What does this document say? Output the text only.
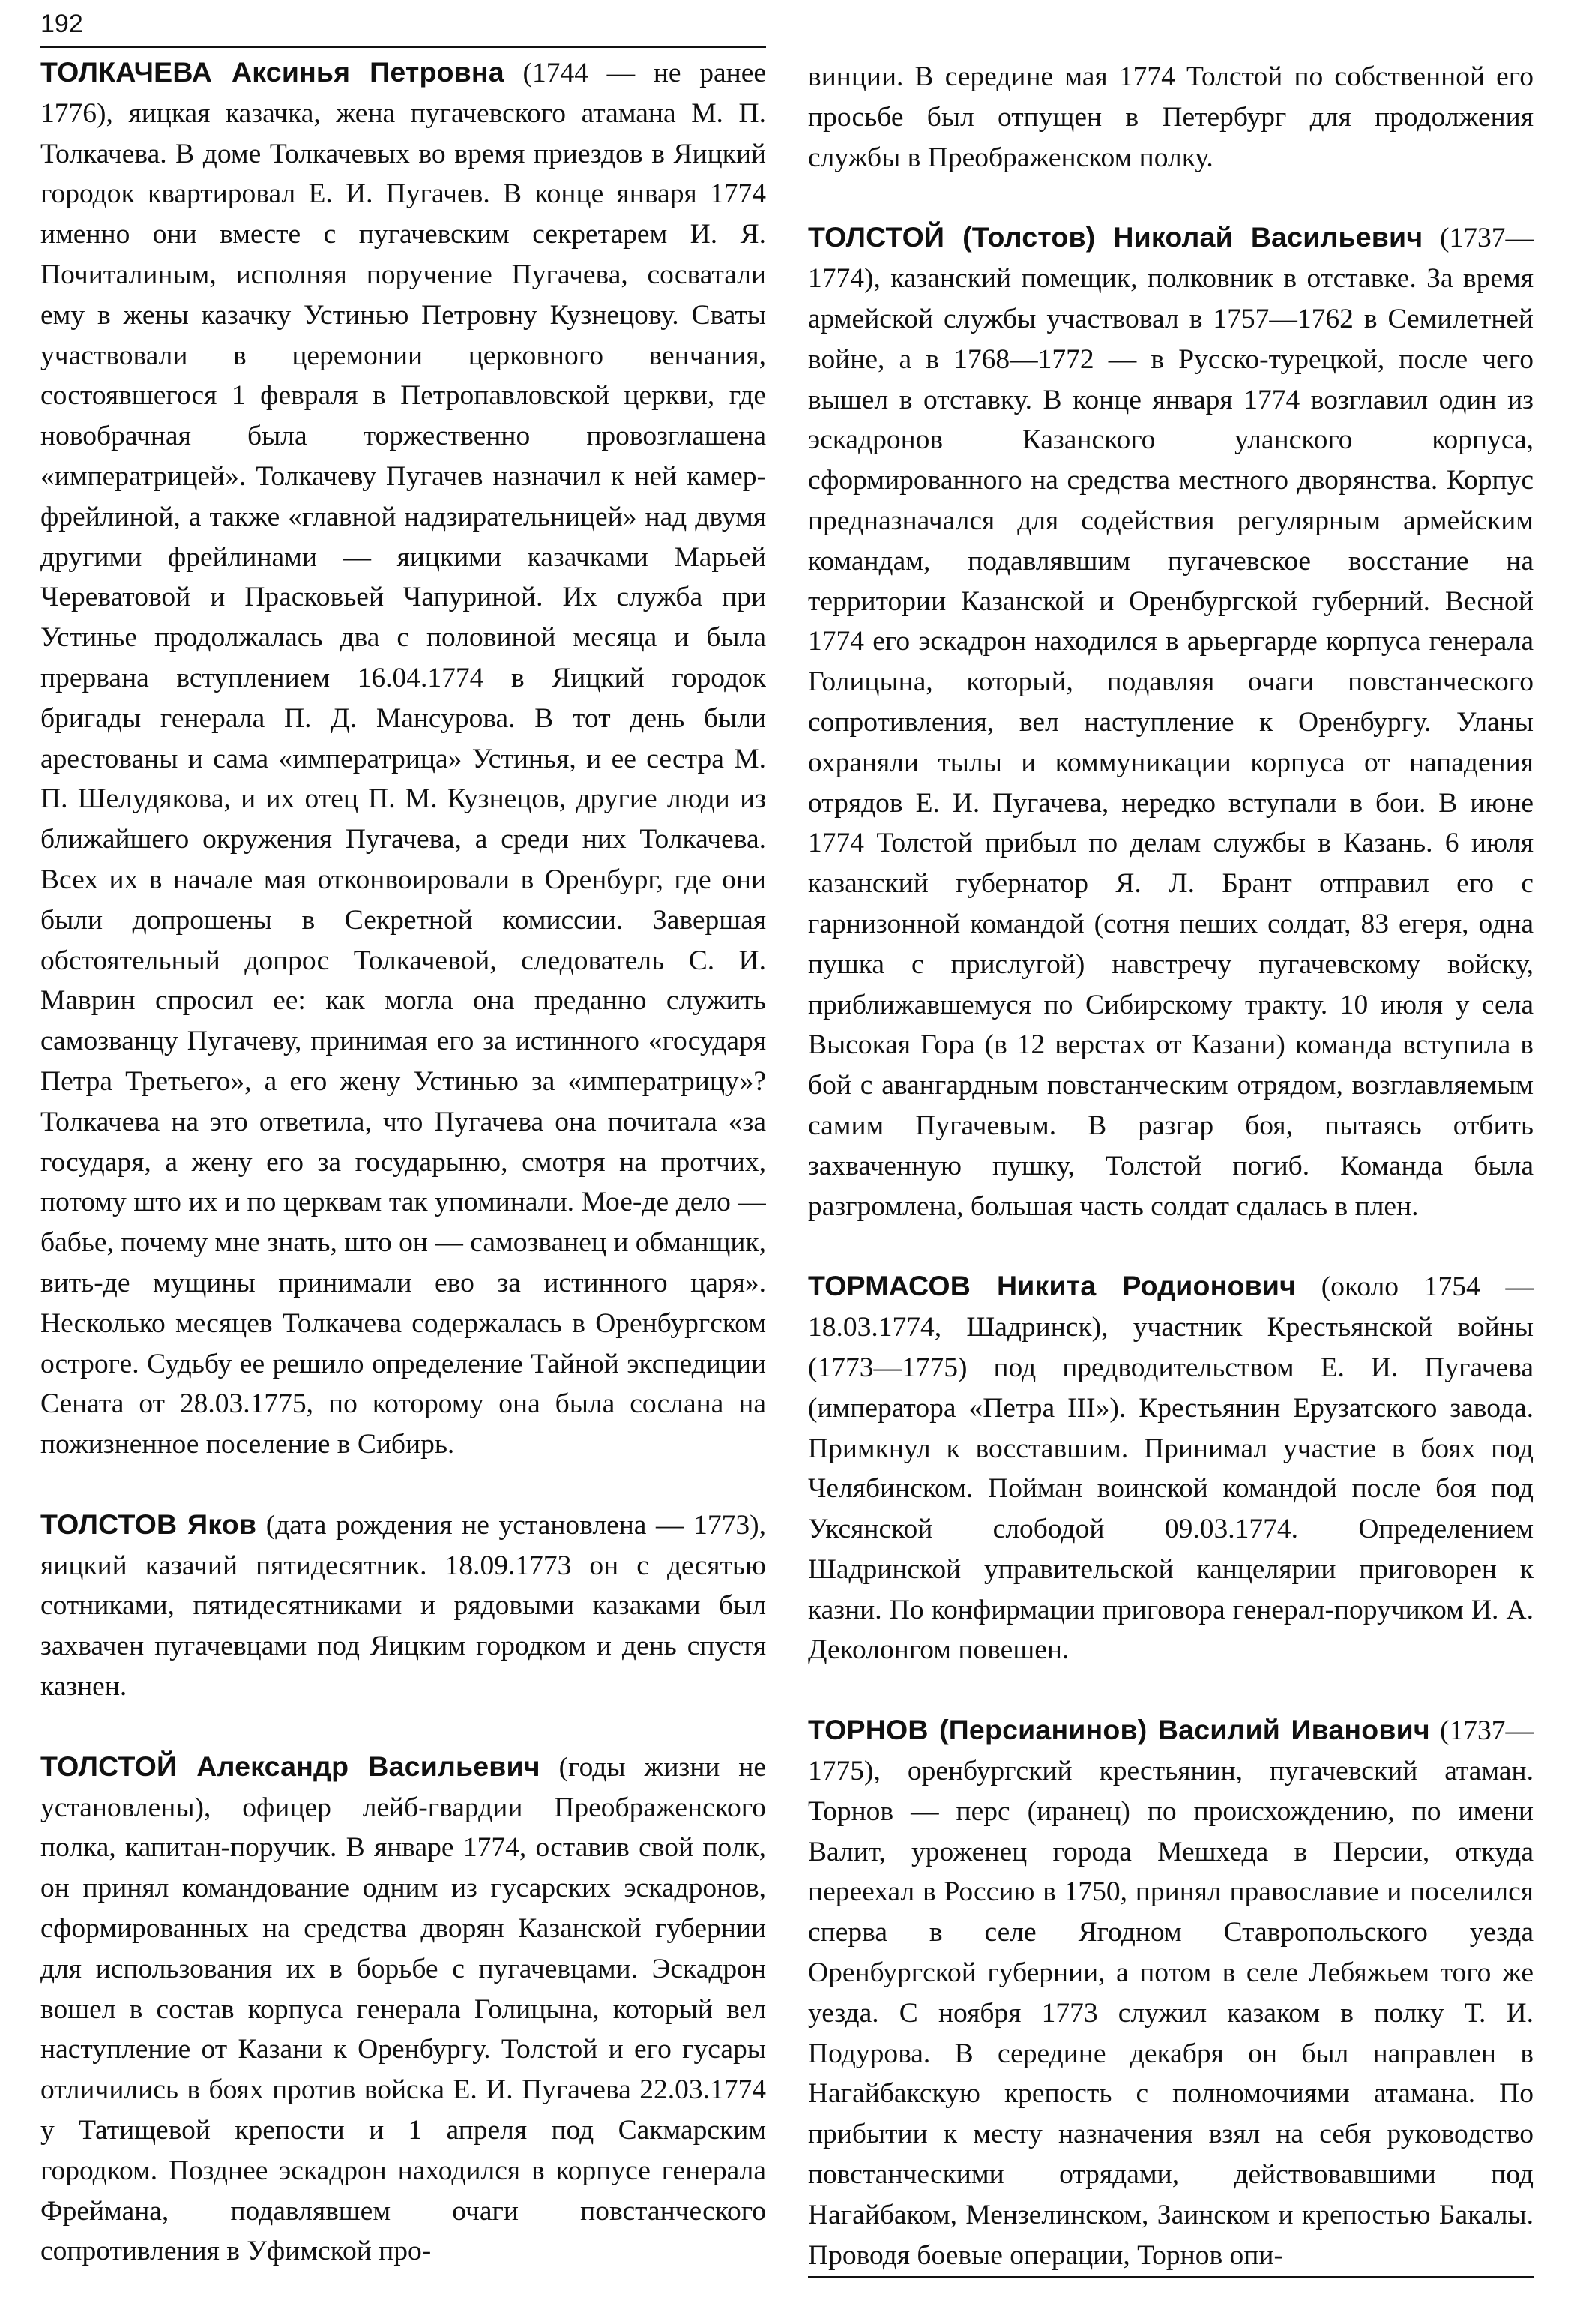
192

ТОЛКАЧЕВА Аксинья Петровна (1744 — не ранее 1776), яицкая казачка, жена пугачевского атамана М. П. Толкачева. В доме Толкачевых во время приездов в Яицкий городок квартировал Е. И. Пугачев. В конце января 1774 именно они вместе с пугачевским секретарем И. Я. Почиталиным, исполняя поручение Пугачева, сосватали ему в жены казачку Устинью Петровну Кузнецову. Сваты участвовали в церемонии церковного венчания, состоявшегося 1 февраля в Петропавловской церкви, где новобрачная была торжественно провозглашена «императрицей». Толкачеву Пугачев назначил к ней камер-фрейлиной, а также «главной надзирательницей» над двумя другими фрейлинами — яицкими казачками Марьей Череватовой и Прасковьей Чапуриной. Их служба при Устинье продолжалась два с половиной месяца и была прервана вступлением 16.04.1774 в Яицкий городок бригады генерала П. Д. Мансурова. В тот день были арестованы и сама «императрица» Устинья, и ее сестра М. П. Шелудякова, и их отец П. М. Кузнецов, другие люди из ближайшего окружения Пугачева, а среди них Толкачева. Всех их в начале мая отконвоировали в Оренбург, где они были допрошены в Секретной комиссии. Завершая обстоятельный допрос Толкачевой, следователь С. И. Маврин спросил ее: как могла она преданно служить самозванцу Пугачеву, принимая его за истинного «государя Петра Третьего», а его жену Устинью за «императрицу»? Толкачева на это ответила, что Пугачева она почитала «за государя, а жену его за государыню, смотря на протчих, потому што их и по церквам так упоминали. Мое-де дело — бабье, почему мне знать, што он — самозванец и обманщик, вить-де мущины принимали ево за истинного царя». Несколько месяцев Толкачева содержалась в Оренбургском остроге. Судьбу ее решило определение Тайной экспедиции Сената от 28.03.1775, по которому она была сослана на пожизненное поселение в Сибирь.

ТОЛСТОВ Яков (дата рождения не установлена — 1773), яицкий казачий пятидесятник. 18.09.1773 он с десятью сотниками, пятидесятниками и рядовыми казаками был захвачен пугачевцами под Яицким городком и день спустя казнен.

ТОЛСТОЙ Александр Васильевич (годы жизни не установлены), офицер лейб-гвардии Преображенского полка, капитан-поручик. В январе 1774, оставив свой полк, он принял командование одним из гусарских эскадронов, сформированных на средства дворян Казанской губернии для использования их в борьбе с пугачевцами. Эскадрон вошел в состав корпуса генерала Голицына, который вел наступление от Казани к Оренбургу. Толстой и его гусары отличились в боях против войска Е. И. Пугачева 22.03.1774 у Татищевой крепости и 1 апреля под Сакмарским городком. Позднее эскадрон находился в корпусе генерала Фреймана, подавлявшем очаги повстанческого сопротивления в Уфимской про-

винции. В середине мая 1774 Толстой по собственной его просьбе был отпущен в Петербург для продолжения службы в Преображенском полку.

ТОЛСТОЙ (Толстов) Николай Васильевич (1737—1774), казанский помещик, полковник в отставке. За время армейской службы участвовал в 1757—1762 в Семилетней войне, а в 1768—1772 — в Русско-турецкой, после чего вышел в отставку. В конце января 1774 возглавил один из эскадронов Казанского уланского корпуса, сформированного на средства местного дворянства. Корпус предназначался для содействия регулярным армейским командам, подавлявшим пугачевское восстание на территории Казанской и Оренбургской губерний. Весной 1774 его эскадрон находился в арьергарде корпуса генерала Голицына, который, подавляя очаги повстанческого сопротивления, вел наступление к Оренбургу. Уланы охраняли тылы и коммуникации корпуса от нападения отрядов Е. И. Пугачева, нередко вступали в бои. В июне 1774 Толстой прибыл по делам службы в Казань. 6 июля казанский губернатор Я. Л. Брант отправил его с гарнизонной командой (сотня пеших солдат, 83 егеря, одна пушка с прислугой) навстречу пугачевскому войску, приближавшемуся по Сибирскому тракту. 10 июля у села Высокая Гора (в 12 верстах от Казани) команда вступила в бой с авангардным повстанческим отрядом, возглавляемым самим Пугачевым. В разгар боя, пытаясь отбить захваченную пушку, Толстой погиб. Команда была разгромлена, большая часть солдат сдалась в плен.

ТОРМАСОВ Никита Родионович (около 1754 — 18.03.1774, Шадринск), участник Крестьянской войны (1773—1775) под предводительством Е. И. Пугачева (императора «Петра III»). Крестьянин Ерузатского завода. Примкнул к восставшим. Принимал участие в боях под Челябинском. Пойман воинской командой после боя под Уксянской слободой 09.03.1774. Определением Шадринской управительской канцелярии приговорен к казни. По конфирмации приговора генерал-поручиком И. А. Деколонгом повешен.

ТОРНОВ (Персианинов) Василий Иванович (1737—1775), оренбургский крестьянин, пугачевский атаман. Торнов — перс (иранец) по происхождению, по имени Валит, уроженец города Мешхеда в Персии, откуда переехал в Россию в 1750, принял православие и поселился сперва в селе Ягодном Ставропольского уезда Оренбургской губернии, а потом в селе Лебяжьем того же уезда. С ноября 1773 служил казаком в полку Т. И. Подурова. В середине декабря он был направлен в Нагайбакскую крепость с полномочиями атамана. По прибытии к месту назначения взял на себя руководство повстанческими отрядами, действовавшими под Нагайбаком, Мензелинском, Заинском и крепостью Бакалы. Проводя боевые операции, Торнов опи-
